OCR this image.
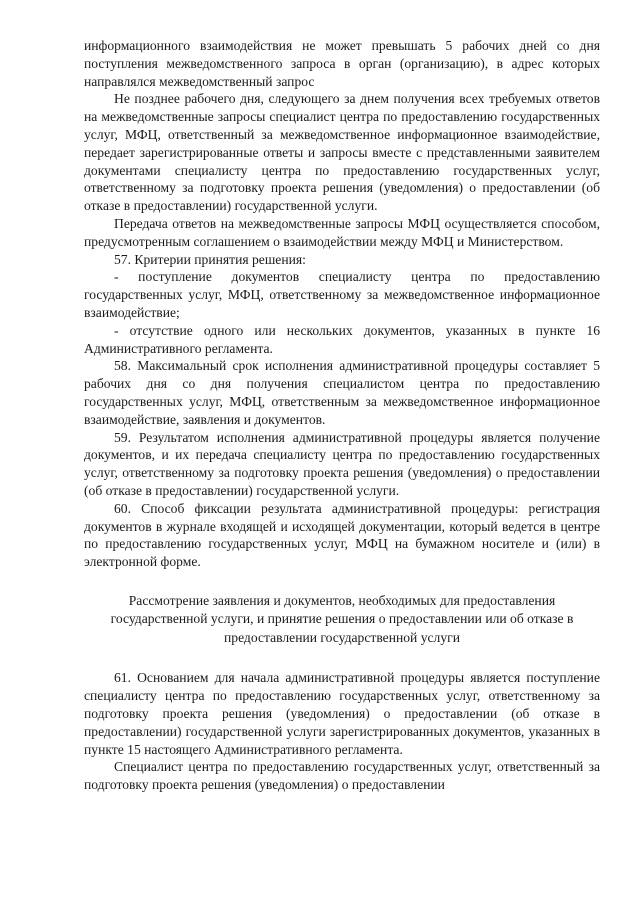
информационного взаимодействия не может превышать 5 рабочих дней со дня поступления межведомственного запроса в орган (организацию), в адрес которых направлялся межведомственный запрос

Не позднее рабочего дня, следующего за днем получения всех требуемых ответов на межведомственные запросы специалист центра по предоставлению государственных услуг, МФЦ, ответственный за межведомственное информационное взаимодействие, передает зарегистрированные ответы и запросы вместе с представленными заявителем документами специалисту центра по предоставлению государственных услуг, ответственному за подготовку проекта решения (уведомления) о предоставлении (об отказе в предоставлении) государственной услуги.

Передача ответов на межведомственные запросы МФЦ осуществляется способом, предусмотренным соглашением о взаимодействии между МФЦ и Министерством.

57. Критерии принятия решения:

- поступление документов специалисту центра по предоставлению государственных услуг, МФЦ, ответственному за межведомственное информационное взаимодействие;

- отсутствие одного или нескольких документов, указанных в пункте 16 Административного регламента.

58. Максимальный срок исполнения административной процедуры составляет 5 рабочих дня со дня получения специалистом центра по предоставлению государственных услуг, МФЦ, ответственным за межведомственное информационное взаимодействие, заявления и документов.

59. Результатом исполнения административной процедуры является получение документов, и их передача специалисту центра по предоставлению государственных услуг, ответственному за подготовку проекта решения (уведомления) о предоставлении (об отказе в предоставлении) государственной услуги.

60. Способ фиксации результата административной процедуры: регистрация документов в журнале входящей и исходящей документации, который ведется в центре по предоставлению государственных услуг, МФЦ на бумажном носителе и (или) в электронной форме.

Рассмотрение заявления и документов, необходимых для предоставления государственной услуги, и принятие решения о предоставлении или об отказе в предоставлении государственной услуги

61. Основанием для начала административной процедуры является поступление специалисту центра по предоставлению государственных услуг, ответственному за подготовку проекта решения (уведомления) о предоставлении (об отказе в предоставлении) государственной услуги зарегистрированных документов, указанных в пункте 15 настоящего Административного регламента.

Специалист центра по предоставлению государственных услуг, ответственный за подготовку проекта решения (уведомления) о предоставлении
